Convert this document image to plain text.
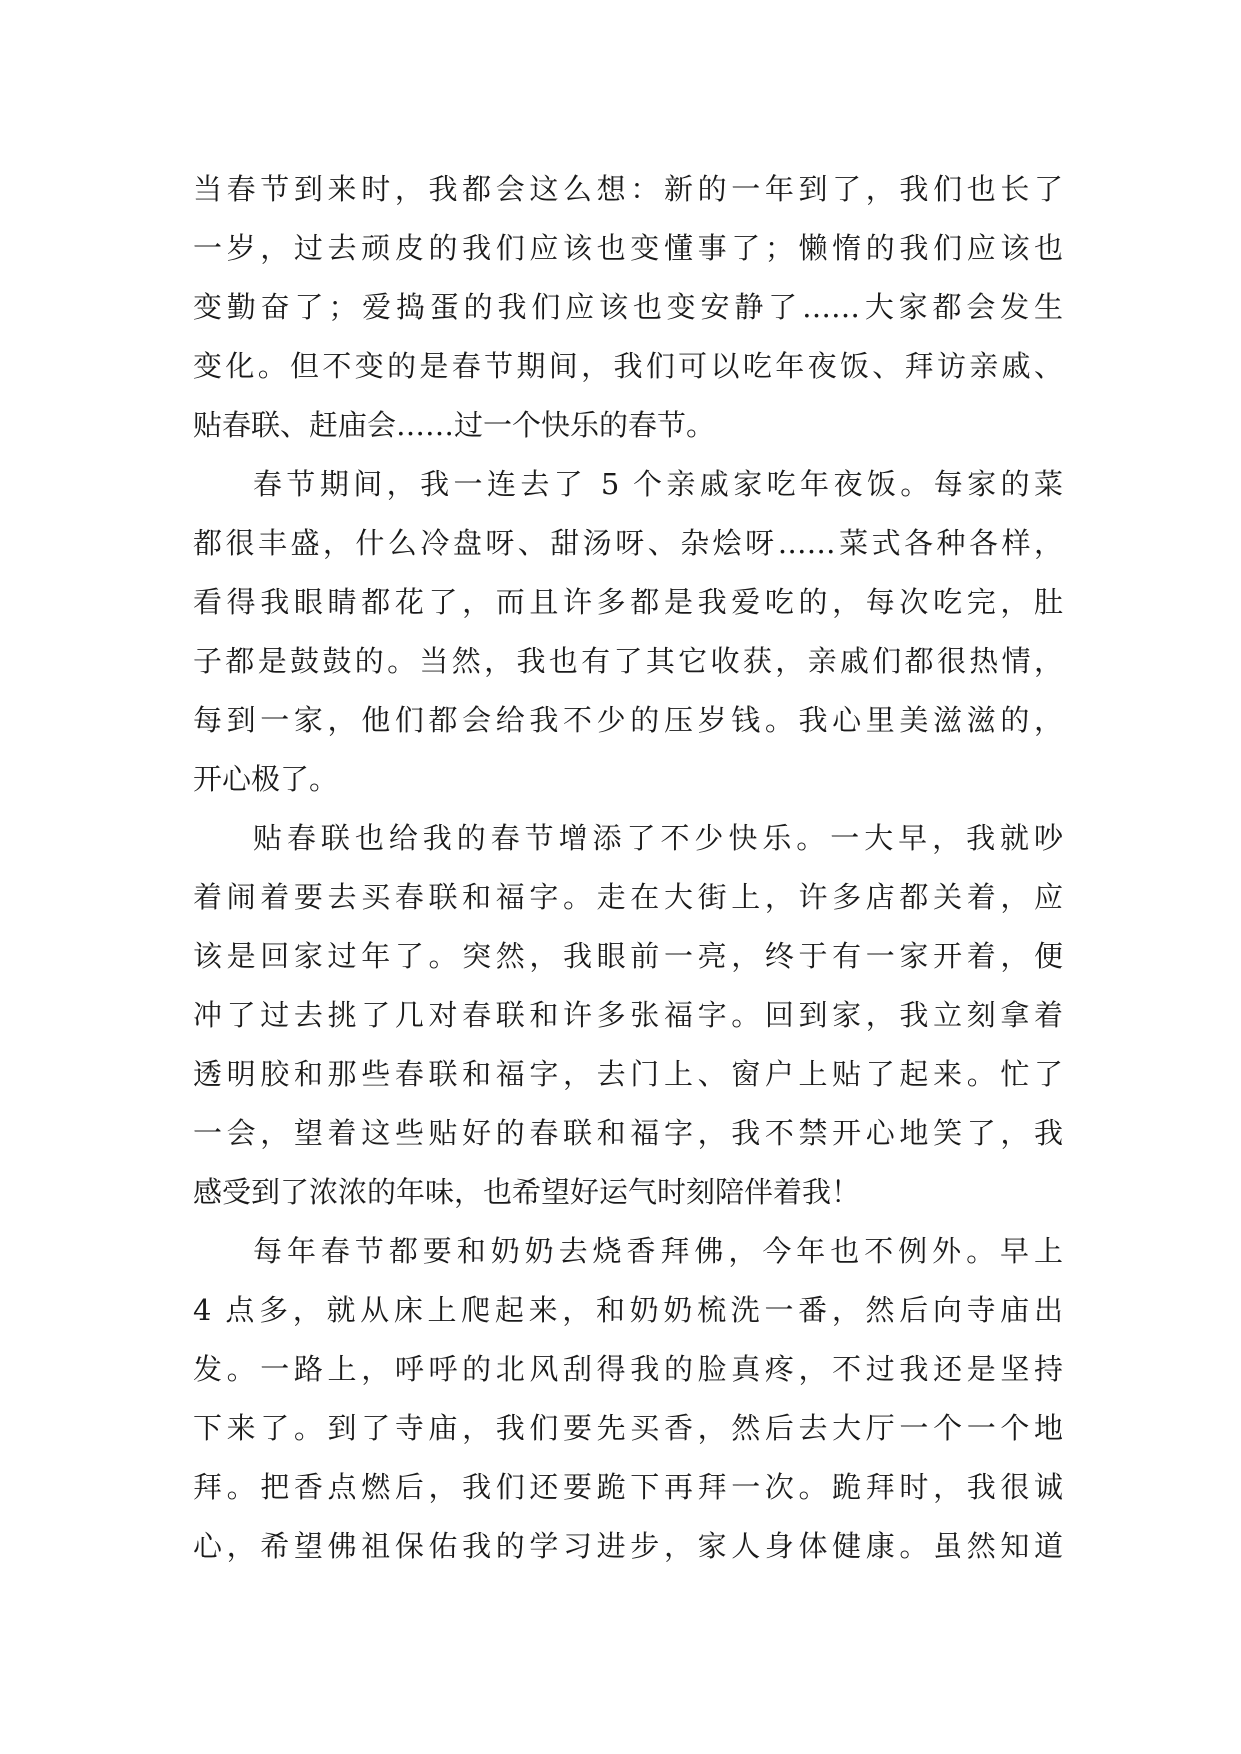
当春节到来时，我都会这么想：新的一年到了，我们也长了
一岁，过去顽皮的我们应该也变懂事了；懒惰的我们应该也
变勤奋了；爱捣蛋的我们应该也变安静了……大家都会发生
变化。但不变的是春节期间，我们可以吃年夜饭、拜访亲戚、
贴春联、赶庙会……过一个快乐的春节。
春节期间，我一连去了 5 个亲戚家吃年夜饭。每家的菜
都很丰盛，什么冷盘呀、甜汤呀、杂烩呀……菜式各种各样，
看得我眼睛都花了，而且许多都是我爱吃的，每次吃完，肚
子都是鼓鼓的。当然，我也有了其它收获，亲戚们都很热情，
每到一家，他们都会给我不少的压岁钱。我心里美滋滋的，
开心极了。
贴春联也给我的春节增添了不少快乐。一大早，我就吵
着闹着要去买春联和福字。走在大街上，许多店都关着，应
该是回家过年了。突然，我眼前一亮，终于有一家开着，便
冲了过去挑了几对春联和许多张福字。回到家，我立刻拿着
透明胶和那些春联和福字，去门上、窗户上贴了起来。忙了
一会，望着这些贴好的春联和福字，我不禁开心地笑了，我
感受到了浓浓的年味，也希望好运气时刻陪伴着我！
每年春节都要和奶奶去烧香拜佛，今年也不例外。早上
4 点多，就从床上爬起来，和奶奶梳洗一番，然后向寺庙出
发。一路上，呼呼的北风刮得我的脸真疼，不过我还是坚持
下来了。到了寺庙，我们要先买香，然后去大厅一个一个地
拜。把香点燃后，我们还要跪下再拜一次。跪拜时，我很诚
心，希望佛祖保佑我的学习进步，家人身体健康。虽然知道
